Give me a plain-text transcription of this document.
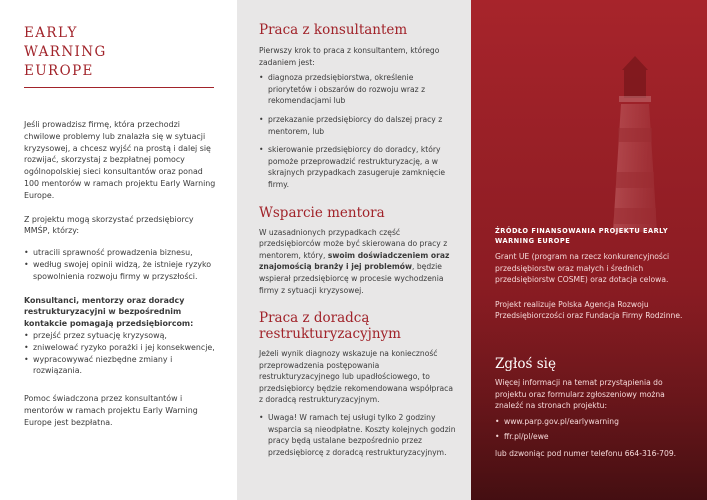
EARLY
WARNING
EUROPE

Jeśli prowadzisz firmę, która przechodzi chwilowe problemy lub znalazła się w sytuacji kryzysowej, a chcesz wyjść na prostą i dalej się rozwijać, skorzystaj z bezpłatnej pomocy ogólnopolskiej sieci konsultantów oraz ponad 100 mentorów w ramach projektu Early Warning Europe.

Z projektu mogą skorzystać przedsiębiorcy MMŚP, którzy:

• utracili sprawność prowadzenia biznesu,
• według swojej opinii widzą, że istnieje ryzyko spowolnienia rozwoju firmy w przyszłości.

Konsultanci, mentorzy oraz doradcy restrukturyzacyjni w bezpośrednim kontakcie pomagają przedsiębiorcom:

• przejść przez sytuację kryzysową,
• zniwelować ryzyko porażki i jej konsekwencje,
• wypracowywać niezbędne zmiany i rozwiązania.

Pomoc świadczona przez konsultantów i mentorów w ramach projektu Early Warning Europe jest bezpłatna.

Praca z konsultantem

Pierwszy krok to praca z konsultantem, którego zadaniem jest:

• diagnoza przedsiębiorstwa, określenie priorytetów i obszarów do rozwoju wraz z rekomendacjami lub
• przekazanie przedsiębiorcy do dalszej pracy z mentorem, lub
• skierowanie przedsiębiorcy do doradcy, który pomoże przeprowadzić restrukturyzację, a w skrajnych przypadkach zasugeruje zamknięcie firmy.
Wsparcie mentora

W uzasadnionych przypadkach część przedsiębiorców może być skierowana do pracy z mentorem, który, swoim doświadczeniem oraz znajomością branży i jej problemów, będzie wspierał przedsiębiorcę w procesie wychodzenia firmy z sytuacji kryzysowej.

Praca z doradcą restrukturyzacyjnym

Jeżeli wynik diagnozy wskazuje na konieczność przeprowadzenia postępowania restrukturyzacyjnego lub upadłościowego, to przedsiębiorcy będzie rekomendowana współpraca z doradcą restrukturyzacyjnym.

• Uwaga! W ramach tej usługi tylko 2 godziny wsparcia są nieodpłatne. Koszty kolejnych godzin pracy będą ustalane bezpośrednio przez przedsiębiorcę z doradcą restrukturyzacyjnym.
ŹRÓDŁO FINANSOWANIA PROJEKTU EARLY WARNING EUROPE

Grant UE (program na rzecz konkurencyjności przedsiębiorstw oraz małych i średnich przedsiębiorstw COSME) oraz dotacja celowa.

Projekt realizuje Polska Agencja Rozwoju Przedsiębiorczości oraz Fundacja Firmy Rodzinne.

Zgłoś się

Więcej informacji na temat przystąpienia do projektu oraz formularz zgłoszeniowy można znaleźć na stronach projektu:

• www.parp.gov.pl/earlywarning
• ffr.pl/pl/ewe

lub dzwoniąc pod numer telefonu 664-316-709.
